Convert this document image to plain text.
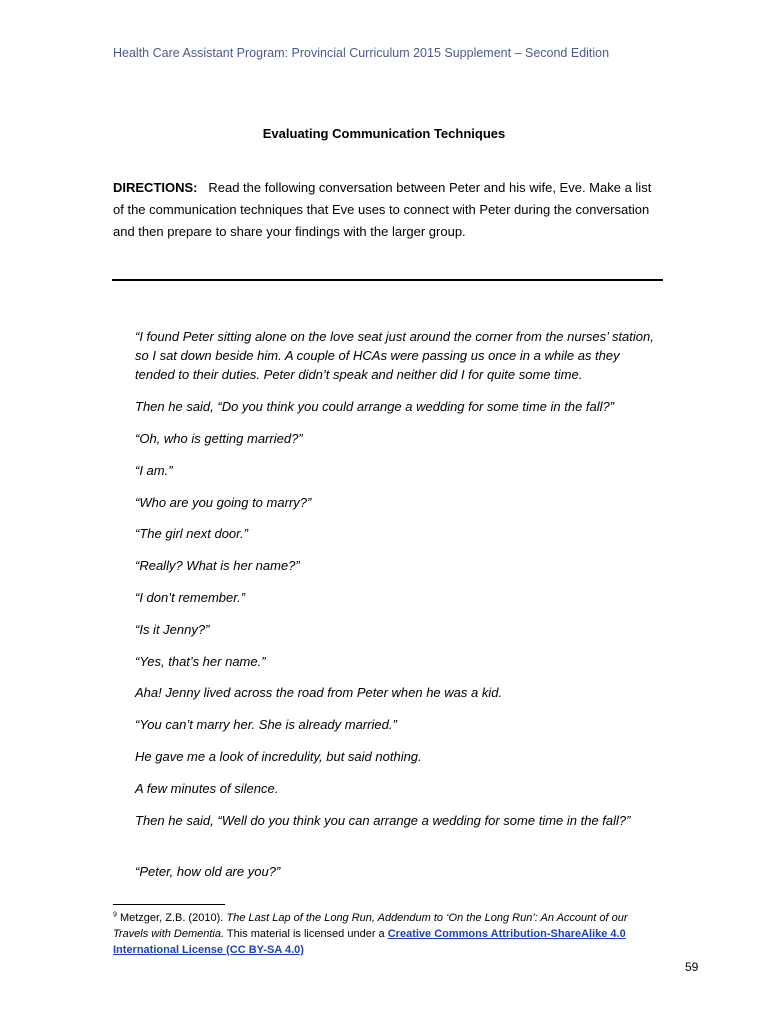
Health Care Assistant Program: Provincial Curriculum 2015 Supplement – Second Edition
Evaluating Communication Techniques
DIRECTIONS: Read the following conversation between Peter and his wife, Eve. Make a list of the communication techniques that Eve uses to connect with Peter during the conversation and then prepare to share your findings with the larger group.

“I found Peter sitting alone on the love seat just around the corner from the nurses’ station, so I sat down beside him. A couple of HCAs were passing us once in a while as they tended to their duties. Peter didn’t speak and neither did I for quite some time.

Then he said, “Do you think you could arrange a wedding for some time in the fall?”

“Oh, who is getting married?”

“I am.”

“Who are you going to marry?”

“The girl next door.”

“Really? What is her name?”

“I don’t remember.”

“Is it Jenny?”

“Yes, that’s her name.”

Aha! Jenny lived across the road from Peter when he was a kid.

“You can’t marry her. She is already married.”

He gave me a look of incredulity, but said nothing.

A few minutes of silence.

Then he said, “Well do you think you can arrange a wedding for some time in the fall?”

“Peter, how old are you?”

$^9$ Metzger, Z.B. (2010). The Last Lap of the Long Run, Addendum to ‘On the Long Run’: An Account of our Travels with Dementia. This material is licensed under a Creative Commons Attribution-ShareAlike 4.0 International License (CC BY-SA 4.0)
59
